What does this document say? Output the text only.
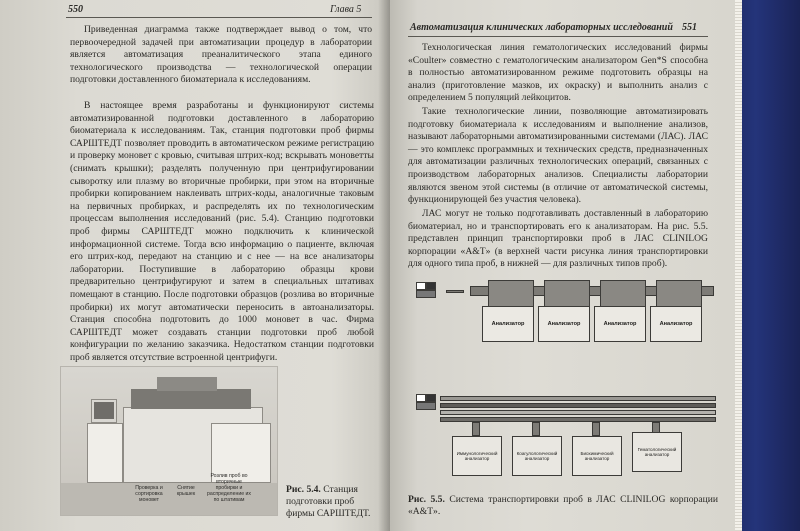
550	Глава 5

Приведенная диаграмма также подтверждает вывод о том, что первоочередной задачей при автоматизации процедур в лаборатории является автоматизация преаналитического этапа единого технологического производства — технологической операции подготовки доставленного биоматериала к исследованиям.

В настоящее время разработаны и функционируют системы автоматизированной подготовки доставленного в лабораторию биоматериала к исследованиям. Так, станция подготовки проб фирмы САРШТЕДТ позволяет проводить в автоматическом режиме регистрацию и проверку моновет с кровью, считывая штрих-код; вскрывать моноветты (снимать крышки); разделять полученную при центрифугировании сыворотку или плазму во вторичные пробирки, при этом на вторичные пробирки копированием наклеивать штрих-коды, аналогичные таковым на первичных пробирках, и распределять их по технологическим процессам выполнения исследований (рис. 5.4). Станцию подготовки проб фирмы САРШТЕДТ можно подключить к клинической информационной системе. Тогда всю информацию о пациенте, включая его штрих-код, передают на станцию и с нее — на все анализаторы лаборатории. Поступившие в лабораторию образцы крови предварительно центрифугируют и затем в специальных штативах помещают в станцию. После подготовки образцов (розлива во вторичные пробирки) их могут автоматически переносить в автоанализаторы. Станция способна подготовить до 1000 моновет в час. Фирма САРШТЕДТ может создавать станции подготовки проб любой конфигурации по желанию заказчика. Недостатком станции подготовки проб является отсутствие встроенной центрифуги.

Проверка и сортировка моновет
Снятие крышек
Розлив проб во вторичные пробирки и распределение их по штативам
Рис. 5.4. Станция подготовки проб фирмы САРШТЕДТ.
Автоматизация клинических лабораторных исследований 551

Технологическая линия гематологических исследований фирмы «Coulter» совместно с гематологическим анализатором Gen*S способна в полностью автоматизированном режиме подготовить образцы на анализ (приготовление мазков, их окраску) и выполнить анализ с определением 5 популяций лейкоцитов.

Такие технологические линии, позволяющие автоматизировать подготовку биоматериала к исследованиям и выполнение анализов, называют лабораторными автоматизированными системами (ЛАС). ЛАС — это комплекс программных и технических средств, предназначенных для автоматизации различных технологических операций, связанных с производством лабораторных анализов. Специалисты лаборатории являются звеном этой системы (в отличие от автоматической системы, функционирующей без участия человека).

ЛАС могут не только подготавливать доставленный в лабораторию биоматериал, но и транспортировать его к анализаторам. На рис. 5.5. представлен принцип транспортировки проб в ЛАС CLINILOG корпорации «А&T» (в верхней части рисунка линия транспортировки для одного типа проб, в нижней — для различных типов проб).

Анализатор	Анализатор	Анализатор	Анализатор
Иммунологический анализатор
Коагулологический анализатор
Биохимический анализатор
Гематологический анализатор
Рис. 5.5. Система транспортировки проб в ЛАС CLINILOG корпорации «А&T».
